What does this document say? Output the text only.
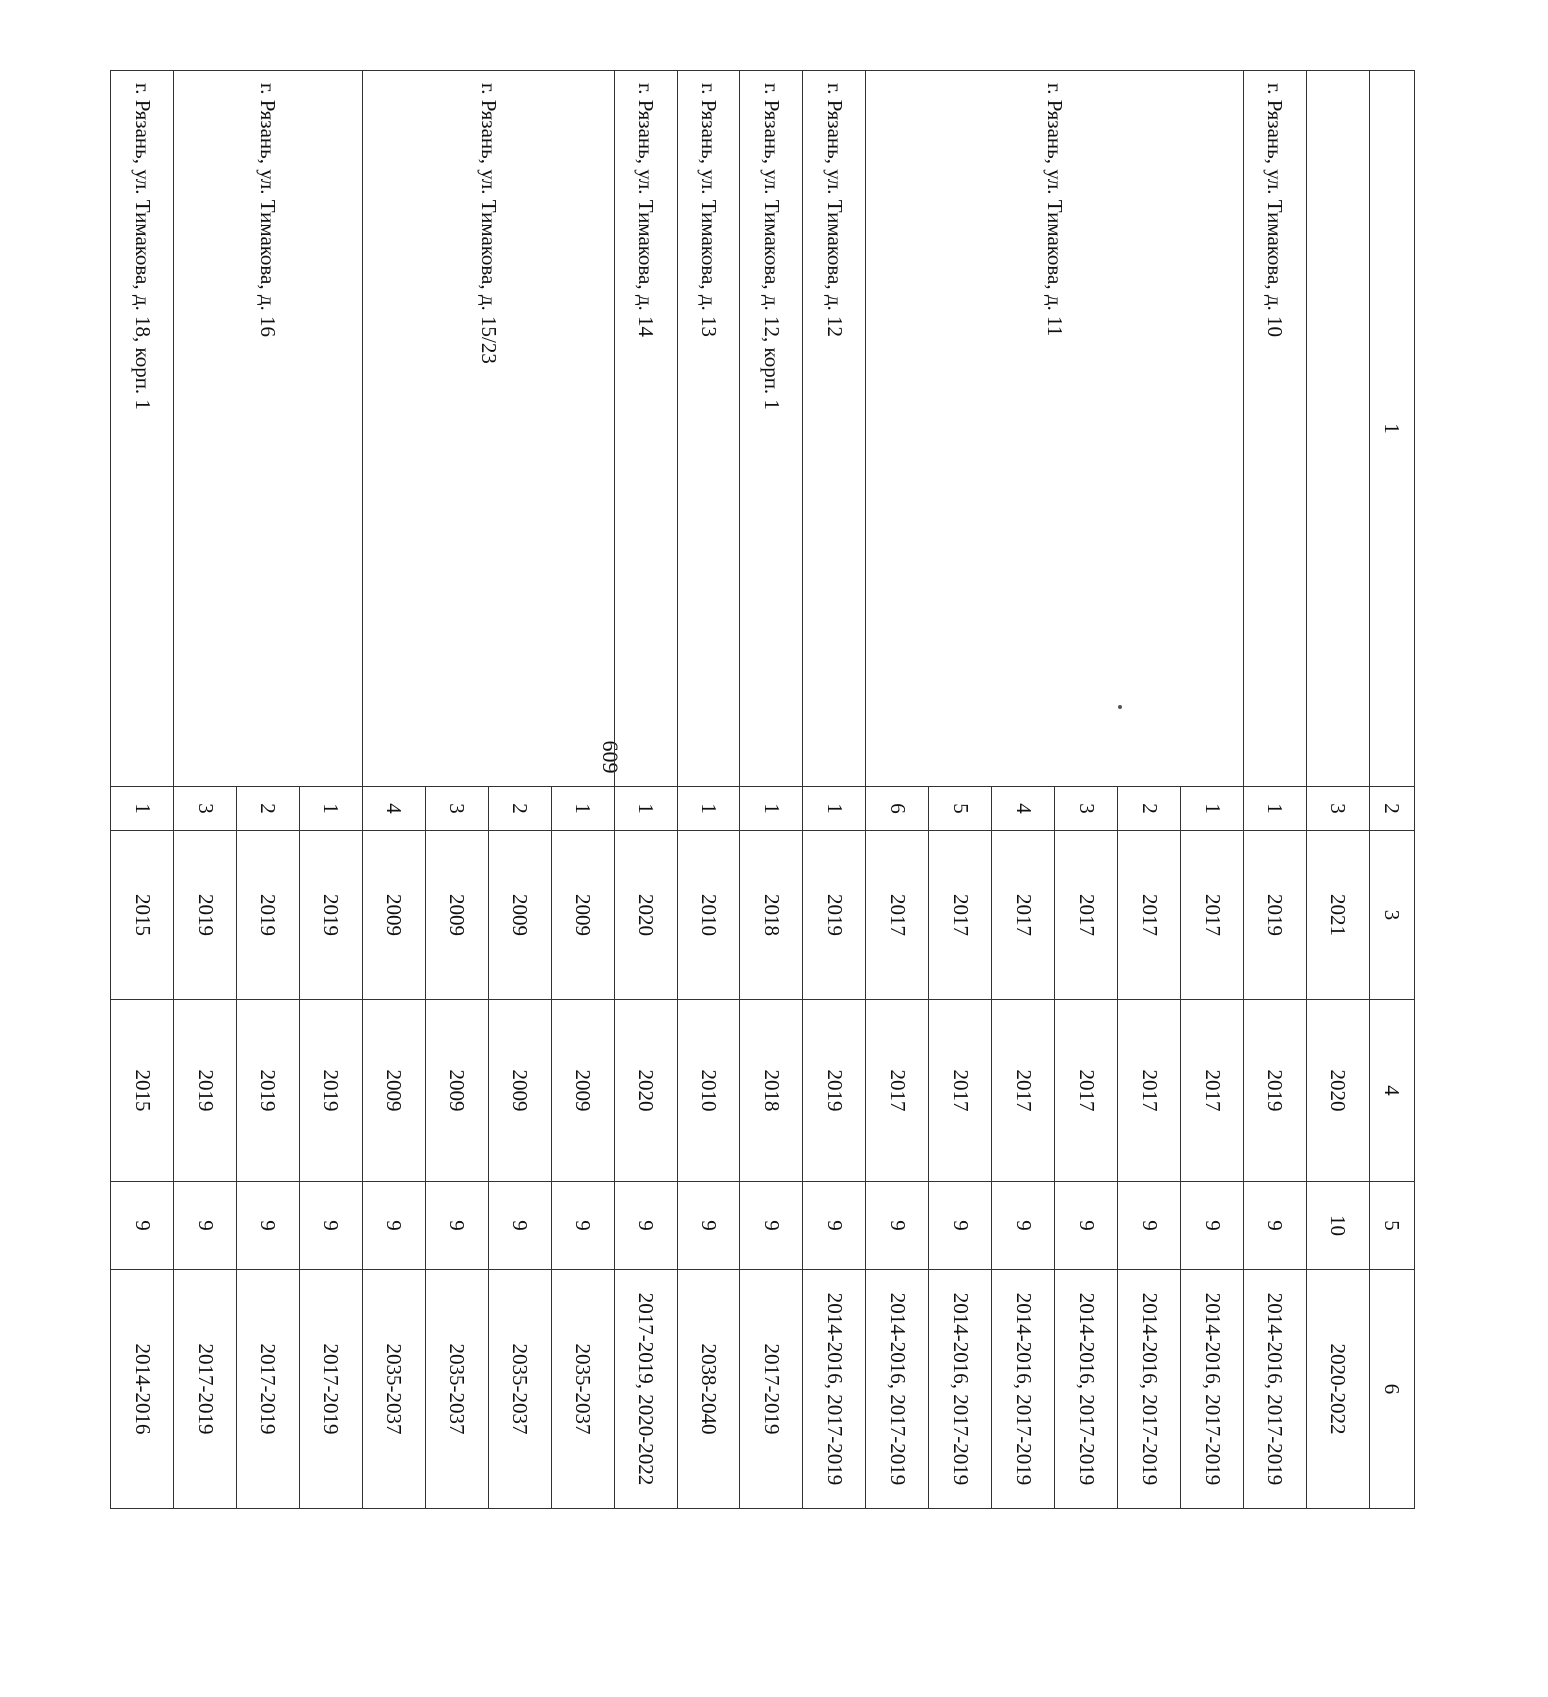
609
1	2	3	4	5	6
	3	2021	2020	10	2020-2022
г. Рязань, ул. Тимакова, д. 10	1	2019	2019	9	2014-2016, 2017-2019
г. Рязань, ул. Тимакова, д. 11	1	2017	2017	9	2014-2016, 2017-2019
	2	2017	2017	9	2014-2016, 2017-2019
	3	2017	2017	9	2014-2016, 2017-2019
	4	2017	2017	9	2014-2016, 2017-2019
	5	2017	2017	9	2014-2016, 2017-2019
	6	2017	2017	9	2014-2016, 2017-2019
г. Рязань, ул. Тимакова, д. 12	1	2019	2019	9	2014-2016, 2017-2019
г. Рязань, ул. Тимакова, д. 12, корп. 1	1	2018	2018	9	2017-2019
г. Рязань, ул. Тимакова, д. 13	1	2010	2010	9	2038-2040
г. Рязань, ул. Тимакова, д. 14	1	2020	2020	9	2017-2019, 2020-2022
г. Рязань, ул. Тимакова, д. 15/23	1	2009	2009	9	2035-2037
	2	2009	2009	9	2035-2037
	3	2009	2009	9	2035-2037
	4	2009	2009	9	2035-2037
г. Рязань, ул. Тимакова, д. 16	1	2019	2019	9	2017-2019
	2	2019	2019	9	2017-2019
	3	2019	2019	9	2017-2019
г. Рязань, ул. Тимакова, д. 18, корп. 1	1	2015	2015	9	2014-2016
